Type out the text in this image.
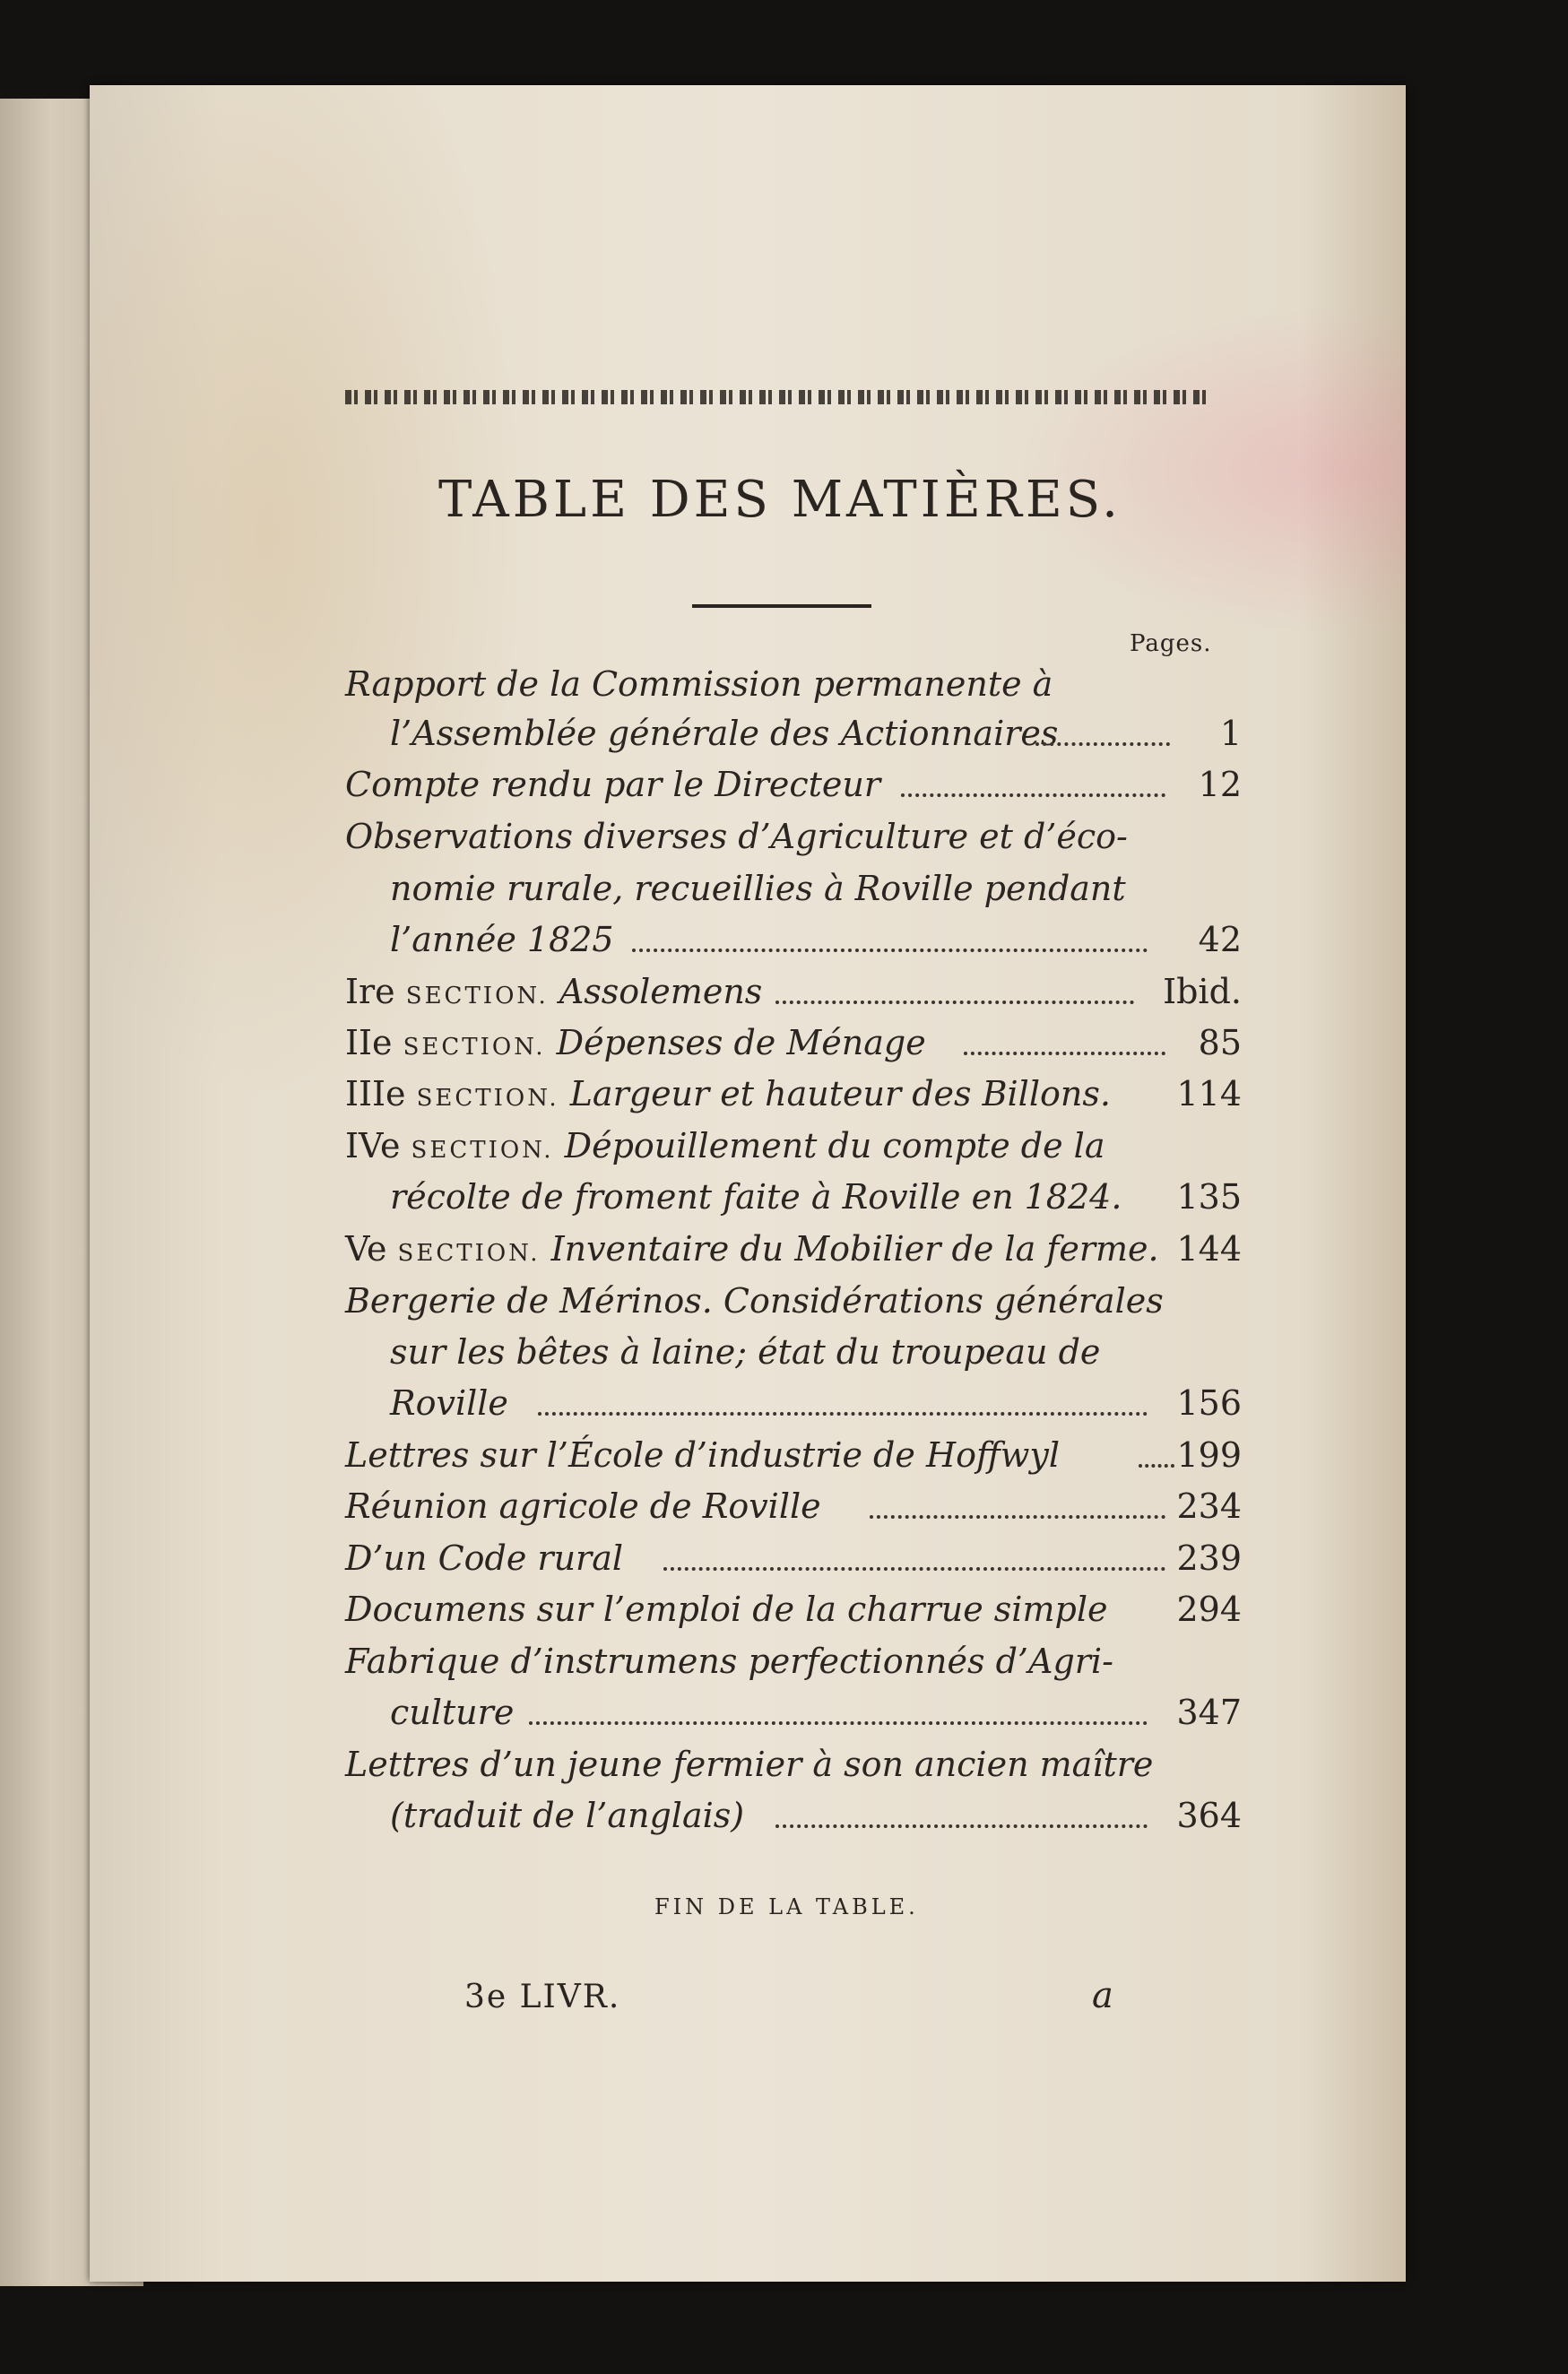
TABLE DES MATIÈRES.
Pages.
Rapport de la Commission permanente à
l’Assemblée générale des Actionnaires	1
Compte rendu par le Directeur	12
Observations diverses d’Agriculture et d’éco-
nomie rurale, recueillies à Roville pendant
l’année 1825	42
Ire SECTION. Assolemens	Ibid.
IIe SECTION. Dépenses de Ménage	85
IIIe SECTION. Largeur et hauteur des Billons. 114
IVe SECTION. Dépouillement du compte de la
récolte de froment faite à Roville en 1824. 135
Ve SECTION. Inventaire du Mobilier de la ferme. 144
Bergerie de Mérinos. Considérations générales
sur les bêtes à laine; état du troupeau de
Roville	156
Lettres sur l’École d’industrie de Hoffwyl	199
Réunion agricole de Roville	234
D’un Code rural	239
Documens sur l’emploi de la charrue simple 294
Fabrique d’instrumens perfectionnés d’Agri-
culture	347
Lettres d’un jeune fermier à son ancien maître
(traduit de l’anglais)	364
FIN DE LA TABLE.
3e LIVR.	a
